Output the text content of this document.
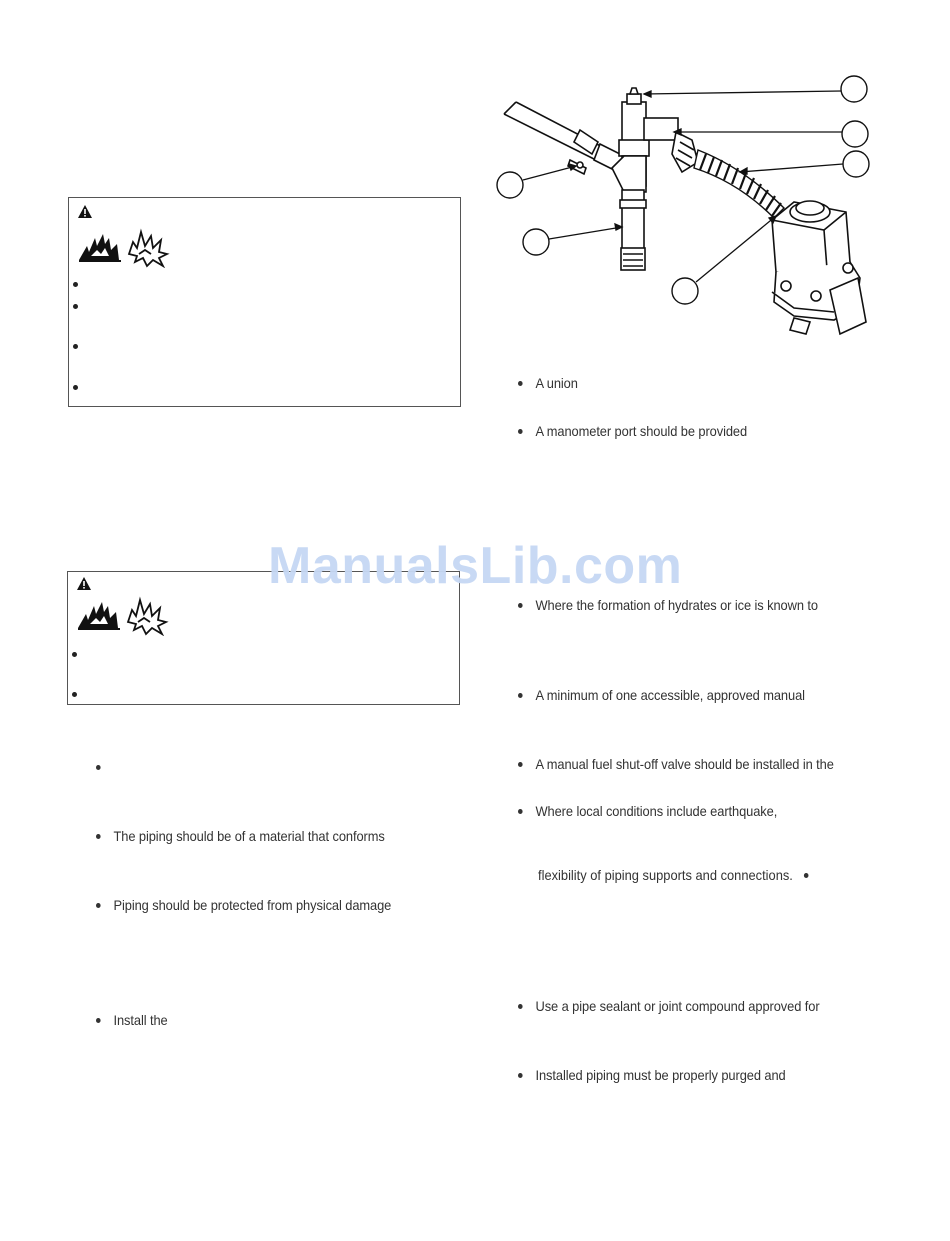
ManualsLib.com
The piping should be of a material that conforms
Piping should be protected from physical damage
Install the
A union
A manometer port should be provided
Where the formation of hydrates or ice is known to
A minimum of one accessible, approved manual
A manual fuel shut-off valve should be installed in the
Where local conditions include earthquake,
flexibility of piping supports and connections.
Use a pipe sealant or joint compound approved for
Installed piping must be properly purged and
